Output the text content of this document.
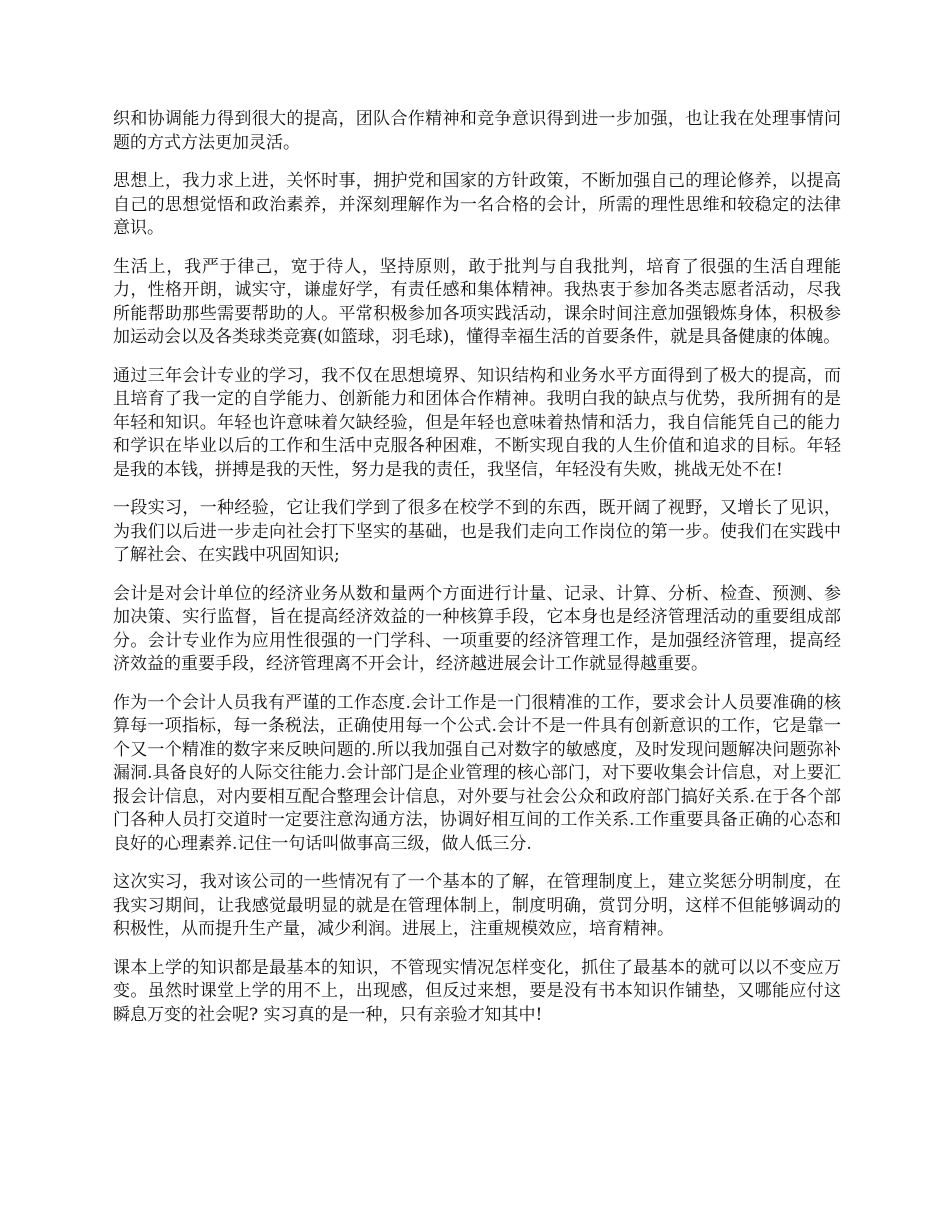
织和协调能力得到很大的提高，团队合作精神和竞争意识得到进一步加强，也让我在处理事情问题的方式方法更加灵活。

思想上，我力求上进，关怀时事，拥护党和国家的方针政策，不断加强自己的理论修养，以提高自己的思想觉悟和政治素养，并深刻理解作为一名合格的会计，所需的理性思维和较稳定的法律意识。

生活上，我严于律己，宽于待人，坚持原则，敢于批判与自我批判，培育了很强的生活自理能力，性格开朗，诚实守，谦虚好学，有责任感和集体精神。我热衷于参加各类志愿者活动，尽我所能帮助那些需要帮助的人。平常积极参加各项实践活动，课余时间注意加强锻炼身体，积极参加运动会以及各类球类竞赛(如篮球，羽毛球)，懂得幸福生活的首要条件，就是具备健康的体魄。

通过三年会计专业的学习，我不仅在思想境界、知识结构和业务水平方面得到了极大的提高，而且培育了我一定的自学能力、创新能力和团体合作精神。我明白我的缺点与优势，我所拥有的是年轻和知识。年轻也许意味着欠缺经验，但是年轻也意味着热情和活力，我自信能凭自己的能力和学识在毕业以后的工作和生活中克服各种困难，不断实现自我的人生价值和追求的目标。年轻是我的本钱，拼搏是我的天性，努力是我的责任，我坚信，年轻没有失败，挑战无处不在!

一段实习，一种经验，它让我们学到了很多在校学不到的东西，既开阔了视野，又增长了见识，为我们以后进一步走向社会打下坚实的基础，也是我们走向工作岗位的第一步。使我们在实践中了解社会、在实践中巩固知识;

会计是对会计单位的经济业务从数和量两个方面进行计量、记录、计算、分析、检查、预测、参加决策、实行监督，旨在提高经济效益的一种核算手段，它本身也是经济管理活动的重要组成部分。会计专业作为应用性很强的一门学科、一项重要的经济管理工作，是加强经济管理，提高经济效益的重要手段，经济管理离不开会计，经济越进展会计工作就显得越重要。

作为一个会计人员我有严谨的工作态度.会计工作是一门很精准的工作，要求会计人员要准确的核算每一项指标，每一条税法，正确使用每一个公式.会计不是一件具有创新意识的工作，它是靠一个又一个精准的数字来反映问题的.所以我加强自己对数字的敏感度，及时发现问题解决问题弥补漏洞.具备良好的人际交往能力.会计部门是企业管理的核心部门，对下要收集会计信息，对上要汇报会计信息，对内要相互配合整理会计信息，对外要与社会公众和政府部门搞好关系.在于各个部门各种人员打交道时一定要注意沟通方法，协调好相互间的工作关系.工作重要具备正确的心态和良好的心理素养.记住一句话叫做事高三级，做人低三分.

这次实习，我对该公司的一些情况有了一个基本的了解，在管理制度上，建立奖惩分明制度，在我实习期间，让我感觉最明显的就是在管理体制上，制度明确，赏罚分明，这样不但能够调动的积极性，从而提升生产量，减少利润。进展上，注重规模效应，培育精神。

课本上学的知识都是最基本的知识，不管现实情况怎样变化，抓住了最基本的就可以以不变应万变。虽然时课堂上学的用不上，出现感，但反过来想，要是没有书本知识作铺垫，又哪能应付这瞬息万变的社会呢? 实习真的是一种，只有亲验才知其中!
